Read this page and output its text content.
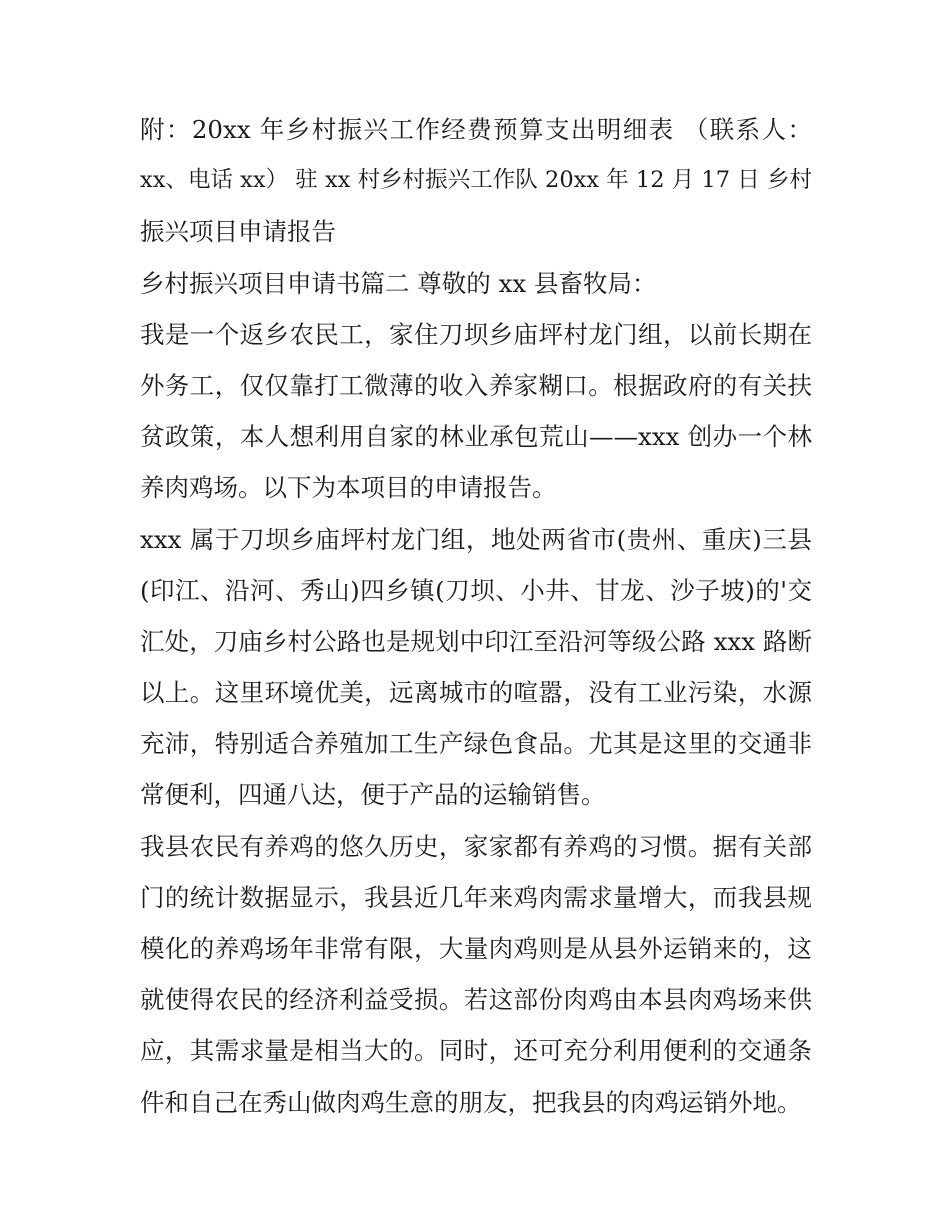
附：20xx 年乡村振兴工作经费预算支出明细表 （联系人：
xx、电话 xx） 驻 xx 村乡村振兴工作队 20xx 年 12 月 17 日 乡村
振兴项目申请报告
乡村振兴项目申请书篇二 尊敬的 xx 县畜牧局：
我是一个返乡农民工，家住刀坝乡庙坪村龙门组，以前长期在
外务工，仅仅靠打工微薄的收入养家糊口。根据政府的有关扶
贫政策，本人想利用自家的林业承包荒山——xxx 创办一个林
养肉鸡场。以下为本项目的申请报告。
xxx 属于刀坝乡庙坪村龙门组，地处两省市(贵州、重庆)三县
(印江、沿河、秀山)四乡镇(刀坝、小井、甘龙、沙子坡)的'交
汇处，刀庙乡村公路也是规划中印江至沿河等级公路 xxx 路断
以上。这里环境优美，远离城市的喧嚣，没有工业污染，水源
充沛，特别适合养殖加工生产绿色食品。尤其是这里的交通非
常便利，四通八达，便于产品的运输销售。
我县农民有养鸡的悠久历史，家家都有养鸡的习惯。据有关部
门的统计数据显示，我县近几年来鸡肉需求量增大，而我县规
模化的养鸡场年非常有限，大量肉鸡则是从县外运销来的，这
就使得农民的经济利益受损。若这部份肉鸡由本县肉鸡场来供
应，其需求量是相当大的。同时，还可充分利用便利的交通条
件和自己在秀山做肉鸡生意的朋友，把我县的肉鸡运销外地。
